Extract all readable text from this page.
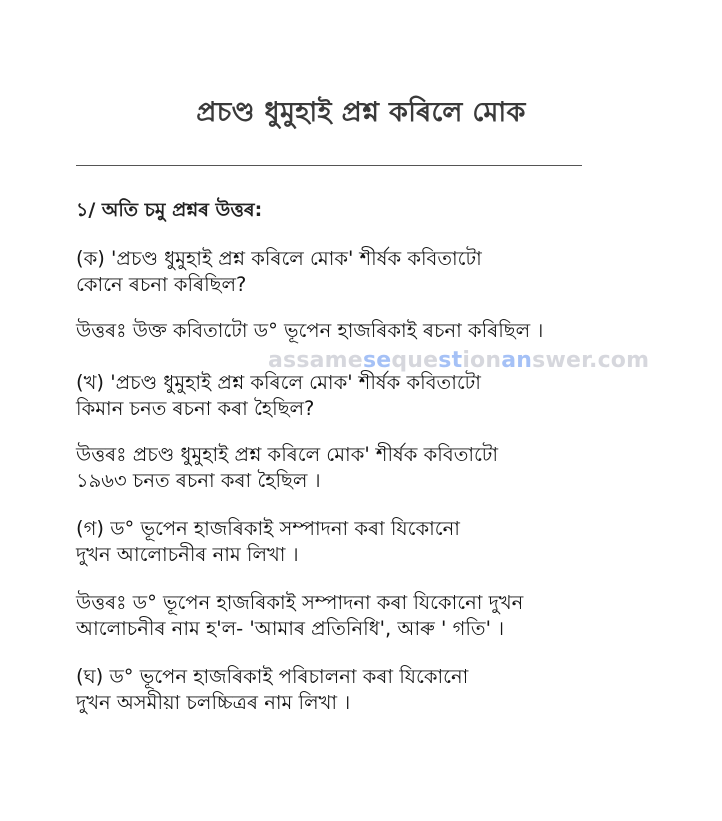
প্ৰচণ্ড ধুমুহাই প্ৰশ্ন কৰিলে মোক
১/ অতি চমু প্ৰশ্নৰ উত্তৰ:
(ক) 'প্ৰচণ্ড ধুমুহাই প্ৰশ্ন কৰিলে মোক' শীৰ্ষক কবিতাটো
কোনে ৰচনা কৰিছিল?
উত্তৰঃ উক্ত কবিতাটো ড° ভূপেন হাজৰিকাই ৰচনা কৰিছিল ।
assamesequestionanswer.com
(খ) 'প্ৰচণ্ড ধুমুহাই প্ৰশ্ন কৰিলে মোক' শীৰ্ষক কবিতাটো
কিমান চনত ৰচনা কৰা হৈছিল?
উত্তৰঃ প্ৰচণ্ড ধুমুহাই প্ৰশ্ন কৰিলে মোক' শীৰ্ষক কবিতাটো
১৯৬৩ চনত ৰচনা কৰা হৈছিল ।
(গ) ড° ভূপেন হাজৰিকাই সম্পাদনা কৰা যিকোনো
দুখন আলোচনীৰ নাম লিখা ।
উত্তৰঃ ড° ভূপেন হাজৰিকাই সম্পাদনা কৰা যিকোনো দুখন
আলোচনীৰ নাম হ'ল- 'আমাৰ প্ৰতিনিধি', আৰু ' গতি' ।
(ঘ) ড° ভূপেন হাজৰিকাই পৰিচালনা কৰা যিকোনো
দুখন অসমীয়া চলচ্চিত্ৰৰ নাম লিখা ।
